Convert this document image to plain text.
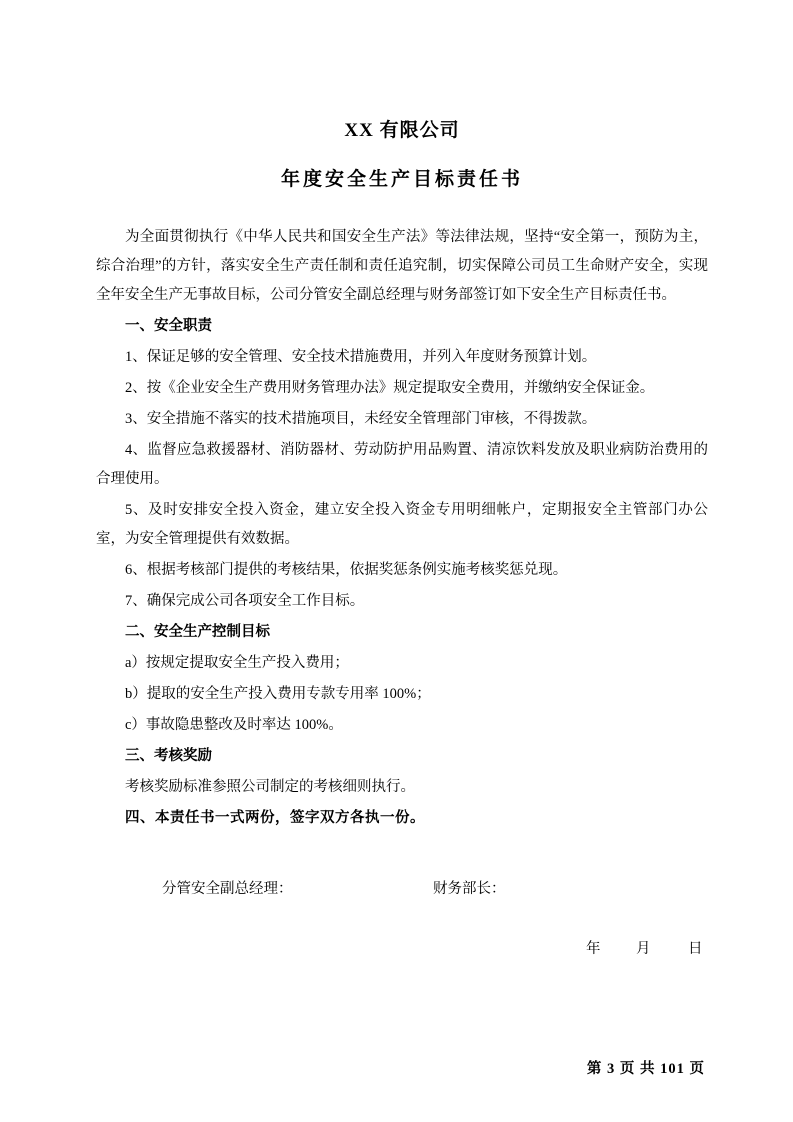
XX 有限公司
年度安全生产目标责任书

为全面贯彻执行《中华人民共和国安全生产法》等法律法规，坚持“安全第一，预防为主，综合治理”的方针，落实安全生产责任制和责任追究制，切实保障公司员工生命财产安全，实现全年安全生产无事故目标，公司分管安全副总经理与财务部签订如下安全生产目标责任书。

一、安全职责

1、保证足够的安全管理、安全技术措施费用，并列入年度财务预算计划。

2、按《企业安全生产费用财务管理办法》规定提取安全费用，并缴纳安全保证金。

3、安全措施不落实的技术措施项目，未经安全管理部门审核，不得拨款。

4、监督应急救援器材、消防器材、劳动防护用品购置、清凉饮料发放及职业病防治费用的合理使用。

5、及时安排安全投入资金，建立安全投入资金专用明细帐户，定期报安全主管部门办公室，为安全管理提供有效数据。

6、根据考核部门提供的考核结果，依据奖惩条例实施考核奖惩兑现。

7、确保完成公司各项安全工作目标。

二、安全生产控制目标

a）按规定提取安全生产投入费用；

b）提取的安全生产投入费用专款专用率 100%；

c）事故隐患整改及时率达 100%。

三、考核奖励

考核奖励标准参照公司制定的考核细则执行。

四、本责任书一式两份，签字双方各执一份。

分管安全副总经理：	财务部长：
年 月	日
第 3 页 共 101 页
